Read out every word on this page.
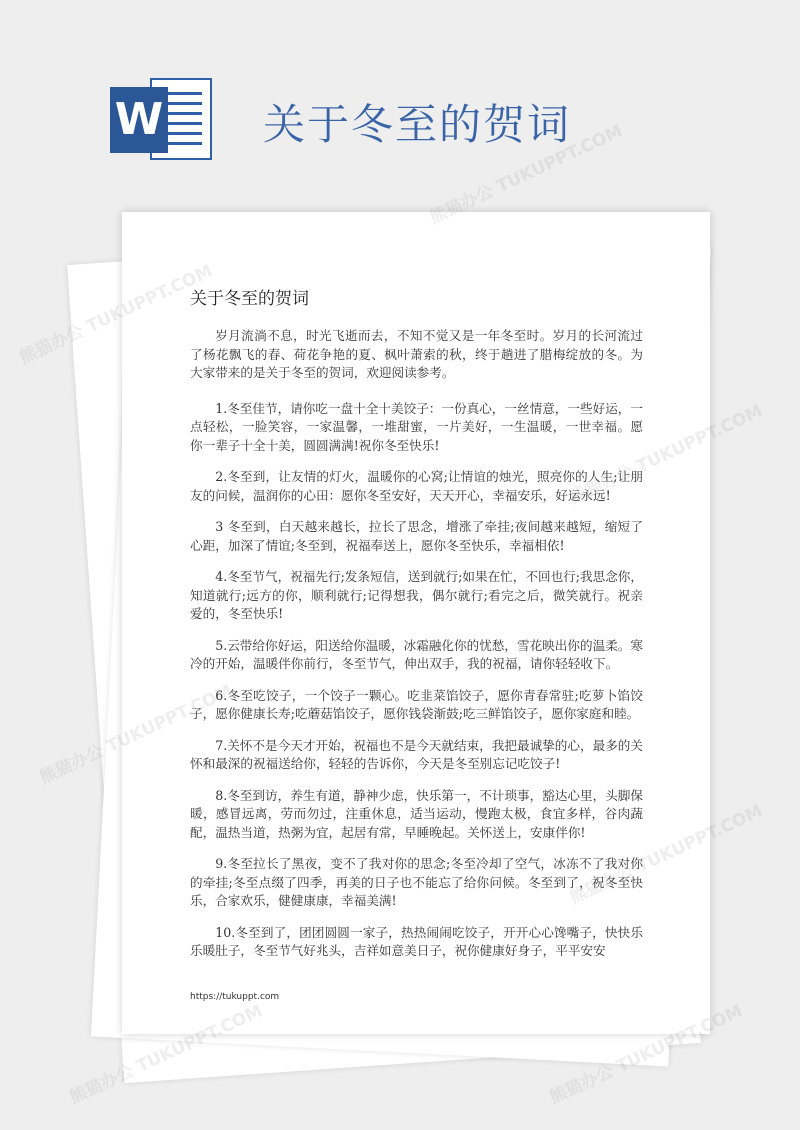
W 关于冬至的贺词
关于冬至的贺词

岁月流淌不息，时光飞逝而去，不知不觉又是一年冬至时。岁月的长河流过了杨花飘飞的春、荷花争艳的夏、枫叶萧索的秋，终于趟进了腊梅绽放的冬。为大家带来的是关于冬至的贺词，欢迎阅读参考。

1.冬至佳节，请你吃一盘十全十美饺子：一份真心，一丝情意，一些好运，一点轻松，一脸笑容，一家温馨，一堆甜蜜，一片美好，一生温暖，一世幸福。愿你一辈子十全十美，圆圆满满!祝你冬至快乐!

2.冬至到，让友情的灯火，温暖你的心窝;让情谊的烛光，照亮你的人生;让朋友的问候，温润你的心田：愿你冬至安好，天天开心，幸福安乐，好运永远!

3 冬至到，白天越来越长，拉长了思念，增涨了牵挂;夜间越来越短，缩短了心距，加深了情谊;冬至到，祝福奉送上，愿你冬至快乐，幸福相依!

4.冬至节气，祝福先行;发条短信，送到就行;如果在忙，不回也行;我思念你，知道就行;远方的你，顺利就行;记得想我，偶尔就行;看完之后，微笑就行。祝亲爱的，冬至快乐!

5.云带给你好运，阳送给你温暖，冰霜融化你的忧愁，雪花映出你的温柔。寒冷的开始，温暖伴你前行，冬至节气，伸出双手，我的祝福，请你轻轻收下。

6.冬至吃饺子，一个饺子一颗心。吃韭菜馅饺子，愿你青春常驻;吃萝卜馅饺子，愿你健康长寿;吃蘑菇馅饺子，愿你钱袋渐鼓;吃三鲜馅饺子，愿你家庭和睦。

7.关怀不是今天才开始，祝福也不是今天就结束，我把最诚挚的心，最多的关怀和最深的祝福送给你，轻轻的告诉你，今天是冬至别忘记吃饺子!

8.冬至到访，养生有道，静神少虑，快乐第一，不计琐事，豁达心里，头脚保暖，感冒远离，劳而勿过，注重休息，适当运动，慢跑太极，食宜多样，谷肉蔬配，温热当道，热粥为宜，起居有常，早睡晚起。关怀送上，安康伴你!

9.冬至拉长了黑夜，变不了我对你的思念;冬至冷却了空气，冰冻不了我对你的牵挂;冬至点缀了四季，再美的日子也不能忘了给你问候。冬至到了，祝冬至快乐，合家欢乐，健健康康，幸福美满!

10.冬至到了，团团圆圆一家子，热热闹闹吃饺子，开开心心馋嘴子，快快乐乐暖肚子，冬至节气好兆头，吉祥如意美日子，祝你健康好身子，平平安安

https://tukuppt.com
熊猫办公 TUKUPPT.COM
熊猫办公
熊猫办公
熊猫办公
